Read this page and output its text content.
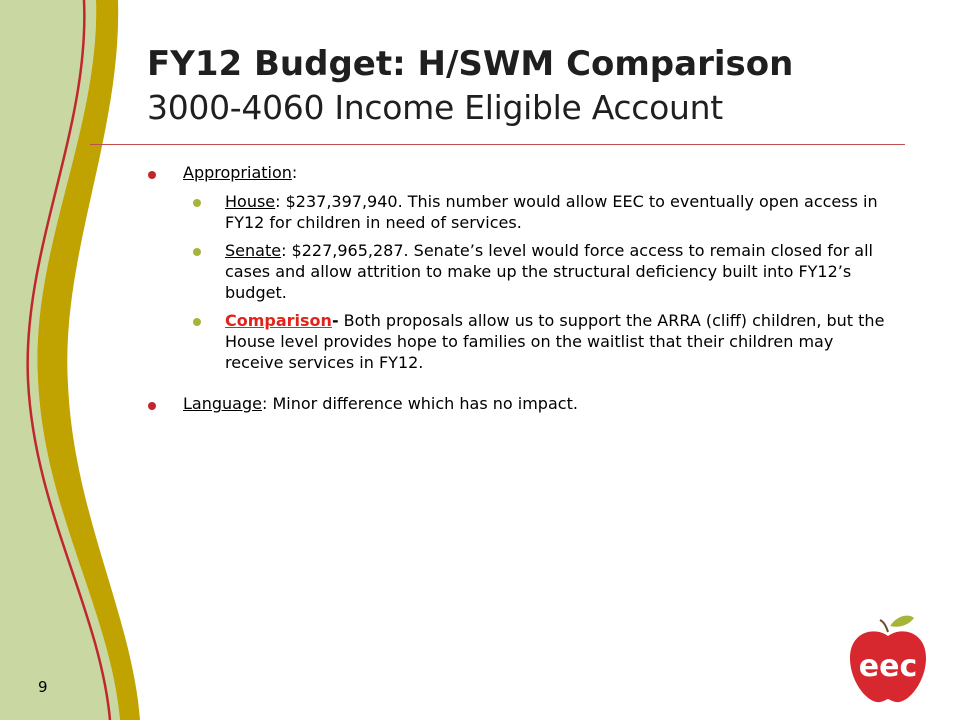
FY12 Budget: H/SWM Comparison
3000-4060 Income Eligible Account
Appropriation:
House: $237,397,940. This number would allow EEC to eventually open access in FY12 for children in need of services.
Senate: $227,965,287. Senate’s level would force access to remain closed for all cases and allow attrition to make up the structural deficiency built into FY12’s budget.
Comparison- Both proposals allow us to support the ARRA (cliff) children, but the House level provides hope to families on the waitlist that their children may receive services in FY12.
Language: Minor difference which has no impact.
9
eec
